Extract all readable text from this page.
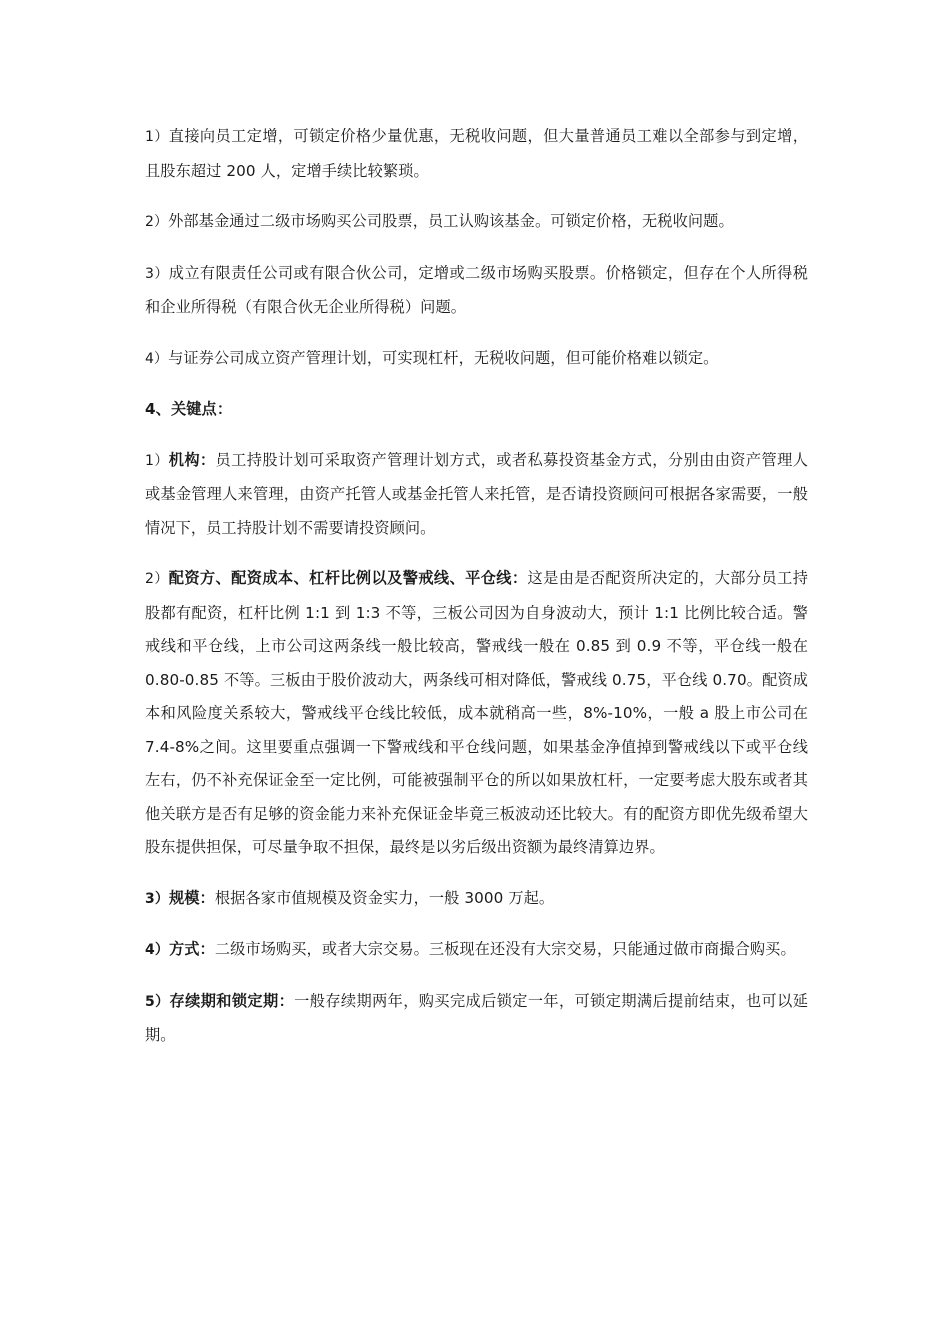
1）直接向员工定增，可锁定价格少量优惠，无税收问题，但大量普通员工难以全部参与到定增，且股东超过 200 人，定增手续比较繁琐。

2）外部基金通过二级市场购买公司股票，员工认购该基金。可锁定价格，无税收问题。

3）成立有限责任公司或有限合伙公司，定增或二级市场购买股票。价格锁定，但存在个人所得税和企业所得税（有限合伙无企业所得税）问题。

4）与证券公司成立资产管理计划，可实现杠杆，无税收问题，但可能价格难以锁定。

4、关键点：

1）机构：员工持股计划可采取资产管理计划方式，或者私募投资基金方式，分别由由资产管理人或基金管理人来管理，由资产托管人或基金托管人来托管，是否请投资顾问可根据各家需要，一般情况下，员工持股计划不需要请投资顾问。

2）配资方、配资成本、杠杆比例以及警戒线、平仓线：这是由是否配资所决定的，大部分员工持股都有配资，杠杆比例 1:1 到 1:3 不等，三板公司因为自身波动大，预计 1:1 比例比较合适。警戒线和平仓线，上市公司这两条线一般比较高，警戒线一般在 0.85 到 0.9 不等，平仓线一般在 0.80-0.85 不等。三板由于股价波动大，两条线可相对降低，警戒线 0.75，平仓线 0.70。配资成本和风险度关系较大，警戒线平仓线比较低，成本就稍高一些，8%-10%，一般 a 股上市公司在 7.4-8%之间。这里要重点强调一下警戒线和平仓线问题，如果基金净值掉到警戒线以下或平仓线左右，仍不补充保证金至一定比例，可能被强制平仓的所以如果放杠杆，一定要考虑大股东或者其他关联方是否有足够的资金能力来补充保证金毕竟三板波动还比较大。有的配资方即优先级希望大股东提供担保，可尽量争取不担保，最终是以劣后级出资额为最终清算边界。

3）规模：根据各家市值规模及资金实力，一般 3000 万起。

4）方式：二级市场购买，或者大宗交易。三板现在还没有大宗交易，只能通过做市商撮合购买。

5）存续期和锁定期：一般存续期两年，购买完成后锁定一年，可锁定期满后提前结束，也可以延期。
